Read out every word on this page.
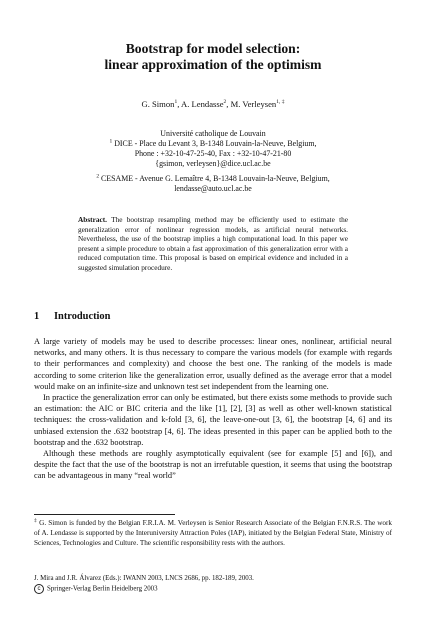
Bootstrap for model selection:
linear approximation of the optimism
G. Simon$^1$, A. Lendasse$^2$, M. Verleysen$^{1, \ddagger}$
Université catholique de Louvain
$^1$ DICE - Place du Levant 3, B-1348 Louvain-la-Neuve, Belgium,
Phone : +32-10-47-25-40, Fax : +32-10-47-21-80
{gsimon, verleysen}@dice.ucl.ac.be
$^2$ CESAME - Avenue G. Lemaître 4, B-1348 Louvain-la-Neuve, Belgium,
lendasse@auto.ucl.ac.be
Abstract. The bootstrap resampling method may be efficiently used to estimate the generalization error of nonlinear regression models, as artificial neural networks. Nevertheless, the use of the bootstrap implies a high computational load. In this paper we present a simple procedure to obtain a fast approximation of this generalization error with a reduced computation time. This proposal is based on empirical evidence and included in a suggested simulation procedure.
1 Introduction

A large variety of models may be used to describe processes: linear ones, nonlinear, artificial neural networks, and many others. It is thus necessary to compare the various models (for example with regards to their performances and complexity) and choose the best one. The ranking of the models is made according to some criterion like the generalization error, usually defined as the average error that a model would make on an infinite-size and unknown test set independent from the learning one.

In practice the generalization error can only be estimated, but there exists some methods to provide such an estimation: the AIC or BIC criteria and the like [1], [2], [3] as well as other well-known statistical techniques: the cross-validation and k-fold [3, 6], the leave-one-out [3, 6], the bootstrap [4, 6] and its unbiased extension the .632 bootstrap [4, 6]. The ideas presented in this paper can be applied both to the bootstrap and the .632 bootstrap.

Although these methods are roughly asymptotically equivalent (see for example [5] and [6]), and despite the fact that the use of the bootstrap is not an irrefutable question, it seems that using the bootstrap can be advantageous in many “real world”

‡ G. Simon is funded by the Belgian F.R.I.A. M. Verleysen is Senior Research Associate of the Belgian F.N.R.S. The work of A. Lendasse is supported by the Interuniversity Attraction Poles (IAP), initiated by the Belgian Federal State, Ministry of Sciences, Technologies and Culture. The scientific responsibility rests with the authors.
J. Mira and J.R. Álvarez (Eds.): IWANN 2003, LNCS 2686, pp. 182-189, 2003.
c Springer-Verlag Berlin Heidelberg 2003
